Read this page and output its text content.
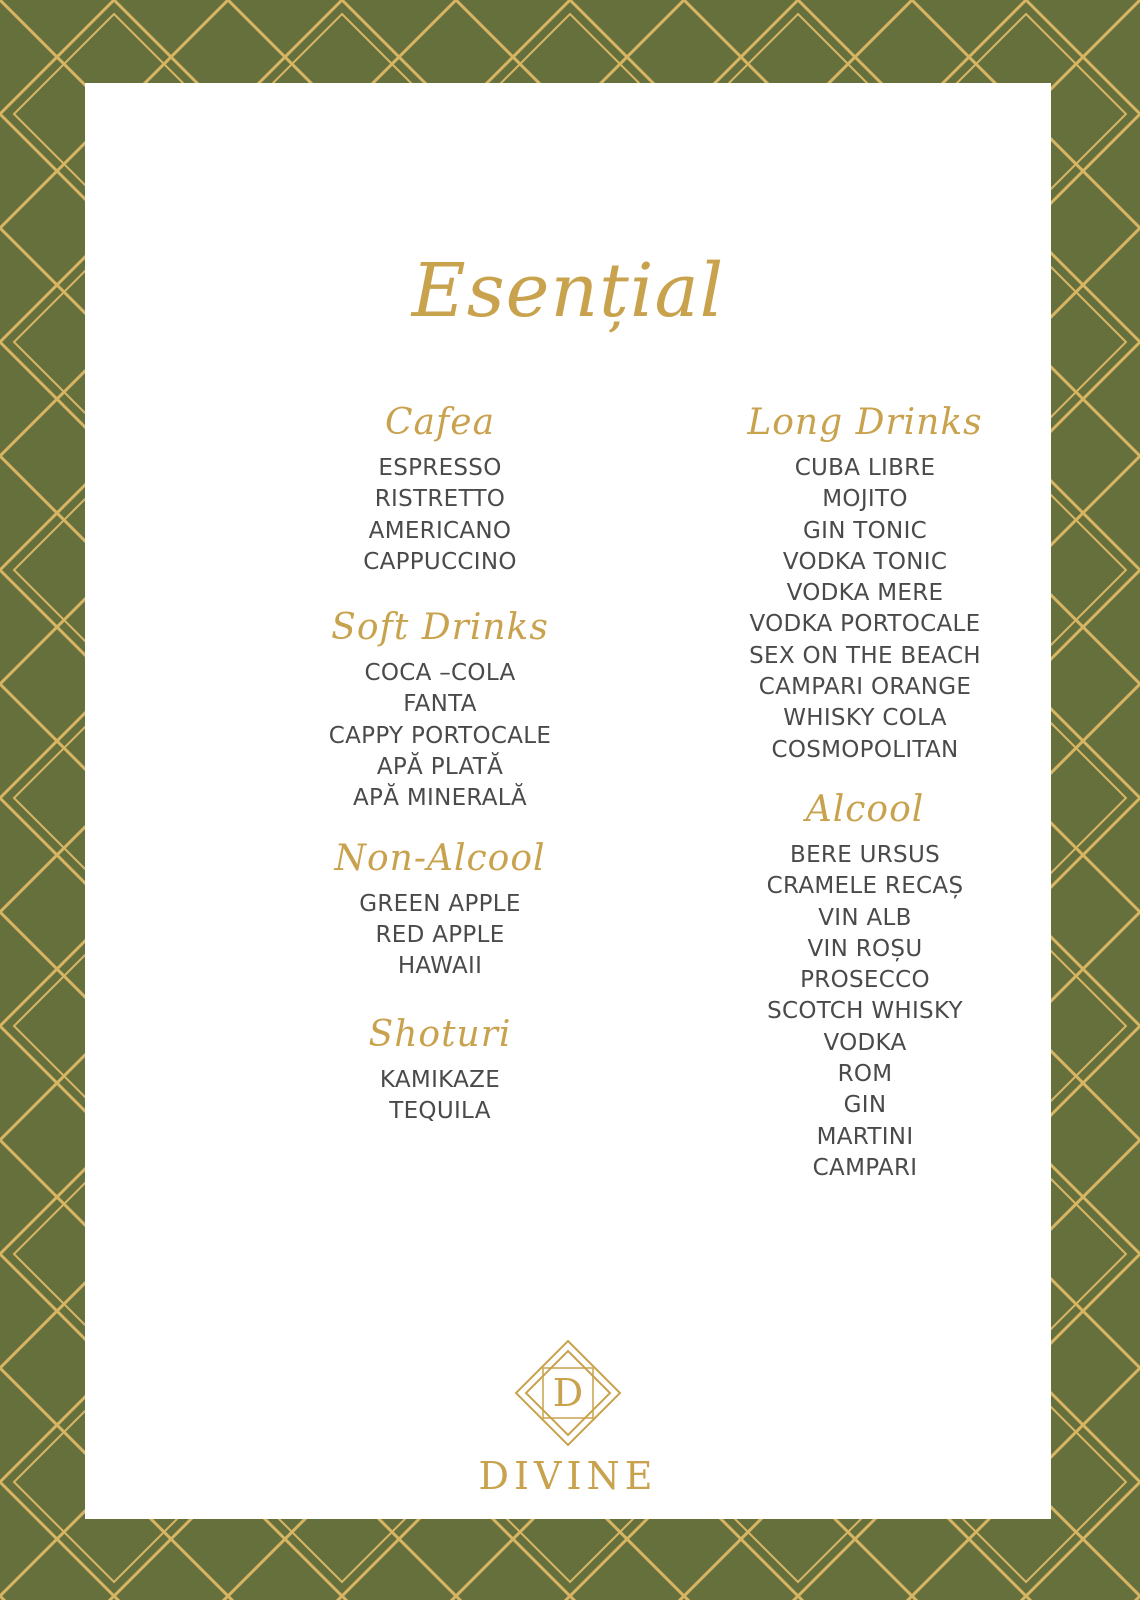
Esențial
Cafea
ESPRESSO
RISTRETTO
AMERICANO
CAPPUCCINO
Soft Drinks
COCA –COLA
FANTA
CAPPY PORTOCALE
APĂ PLATĂ
APĂ MINERALĂ
Non-Alcool
GREEN APPLE
RED APPLE
HAWAII
Shoturi
KAMIKAZE
TEQUILA
Long Drinks
CUBA LIBRE
MOJITO
GIN TONIC
VODKA TONIC
VODKA MERE
VODKA PORTOCALE
SEX ON THE BEACH
CAMPARI ORANGE
WHISKY COLA
COSMOPOLITAN
Alcool
BERE URSUS
CRAMELE RECAȘ
VIN ALB
VIN ROȘU
PROSECCO
SCOTCH WHISKY
VODKA
ROM
GIN
MARTINI
CAMPARI
D
DIVINE
